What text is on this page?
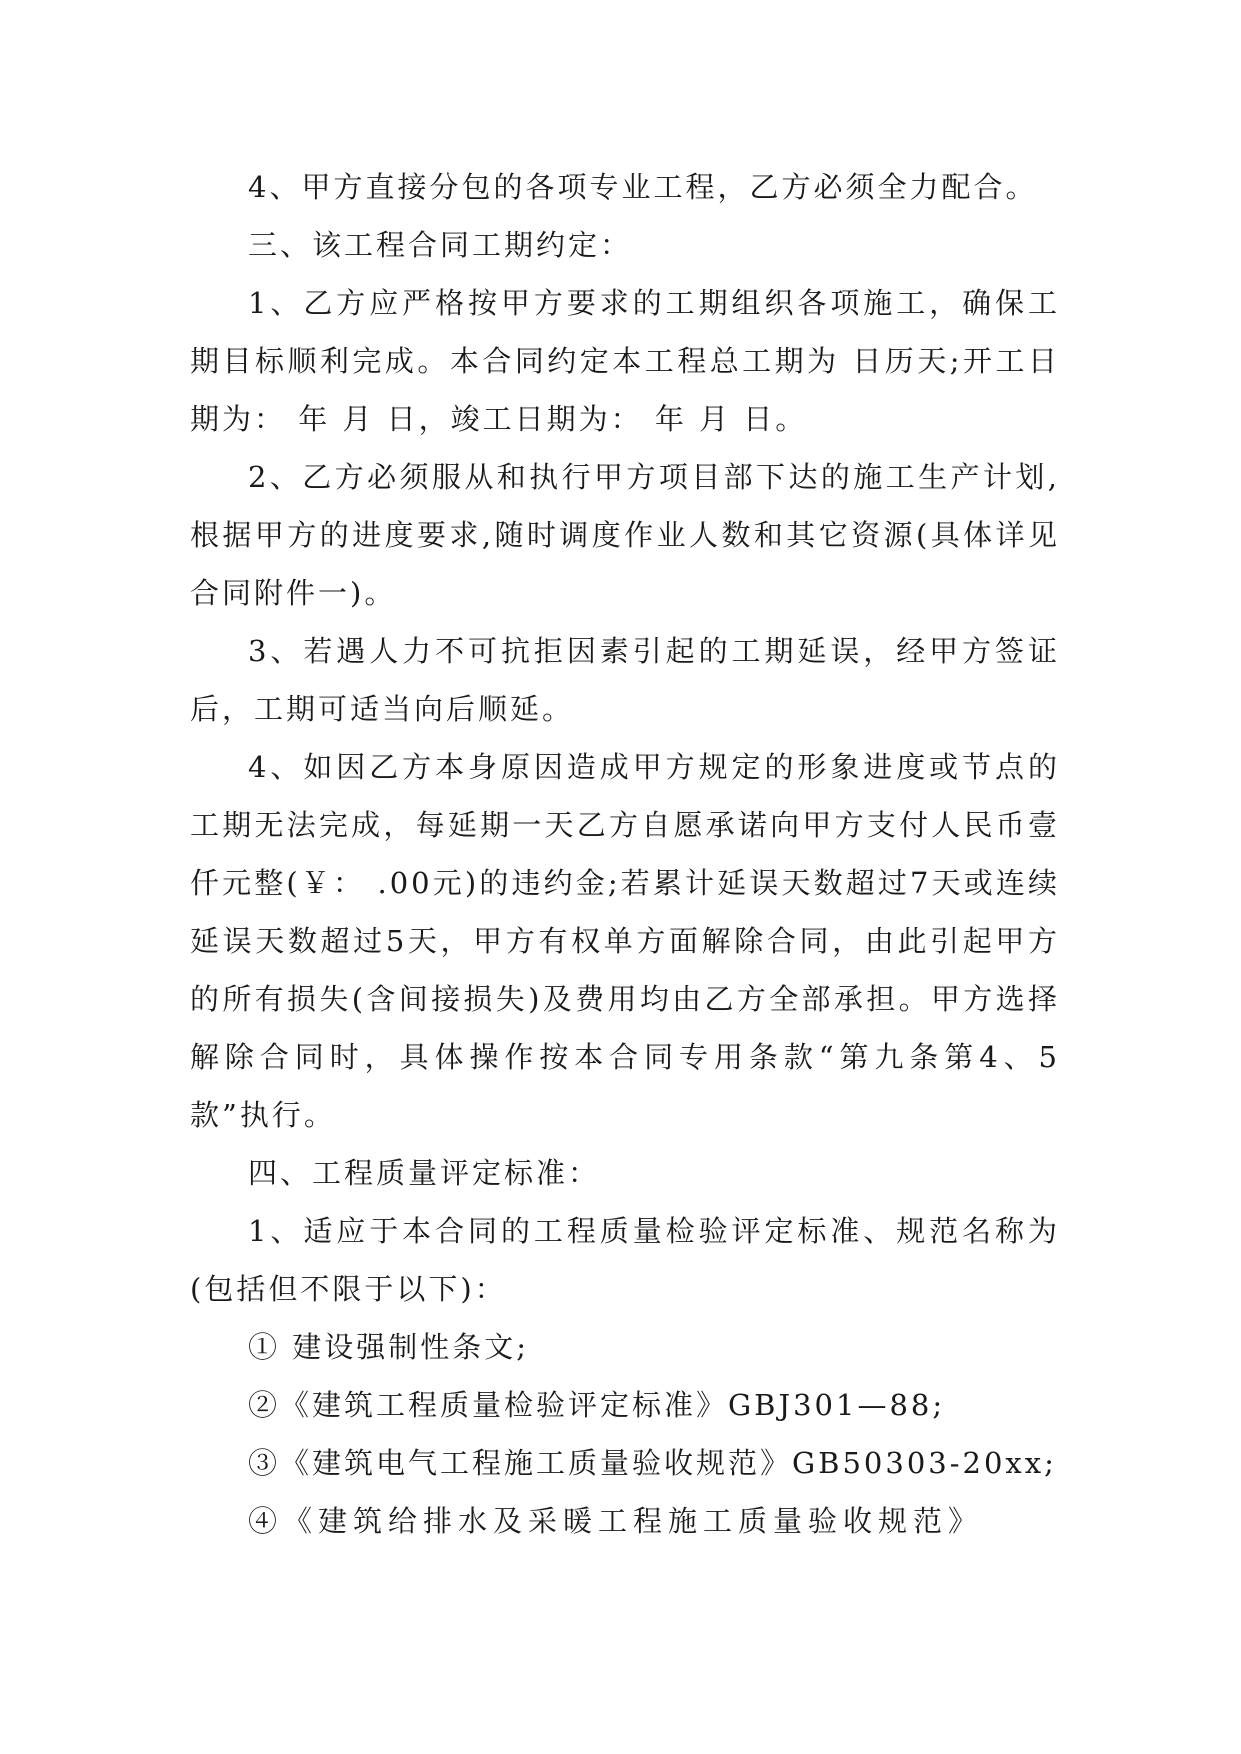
4、甲方直接分包的各项专业工程，乙方必须全力配合。

三、该工程合同工期约定：

1、乙方应严格按甲方要求的工期组织各项施工，确保工期目标顺利完成。本合同约定本工程总工期为 日历天;开工日期为： 年 月 日，竣工日期为： 年 月 日。

2、乙方必须服从和执行甲方项目部下达的施工生产计划,根据甲方的进度要求,随时调度作业人数和其它资源(具体详见合同附件一)。

3、若遇人力不可抗拒因素引起的工期延误，经甲方签证后，工期可适当向后顺延。

4、如因乙方本身原因造成甲方规定的形象进度或节点的工期无法完成，每延期一天乙方自愿承诺向甲方支付人民币壹仟元整(￥： .00元)的违约金;若累计延误天数超过7天或连续延误天数超过5天，甲方有权单方面解除合同，由此引起甲方的所有损失(含间接损失)及费用均由乙方全部承担。甲方选择解除合同时，具体操作按本合同专用条款“第九条第4、5款”执行。

四、工程质量评定标准：

1、适应于本合同的工程质量检验评定标准、规范名称为(包括但不限于以下)：

① 建设强制性条文;

②《建筑工程质量检验评定标准》GBJ301—88;

③《建筑电气工程施工质量验收规范》GB50303-20xx;

④《建筑给排水及采暖工程施工质量验收规范》
